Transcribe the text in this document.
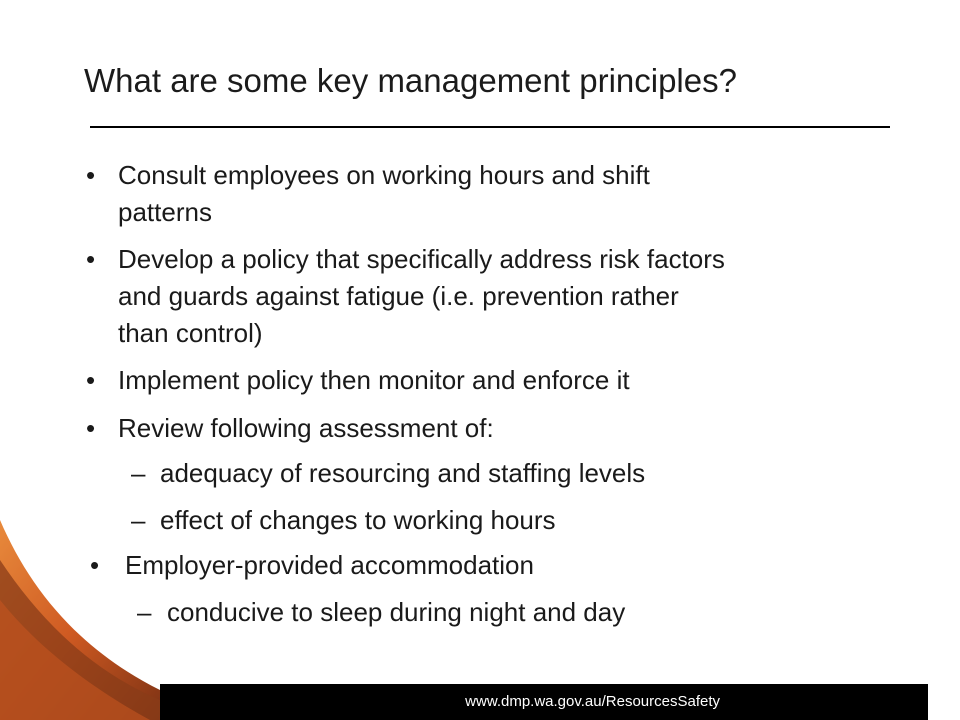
What are some key management principles?
• Consult employees on working hours and shift
patterns
• Develop a policy that specifically address risk factors
and guards against fatigue (i.e. prevention rather
than control)
• Implement policy then monitor and enforce it
• Review following assessment of:
– adequacy of resourcing and staffing levels
– effect of changes to working hours
• Employer-provided accommodation
– conducive to sleep during night and day
www.dmp.wa.gov.au/ResourcesSafety
